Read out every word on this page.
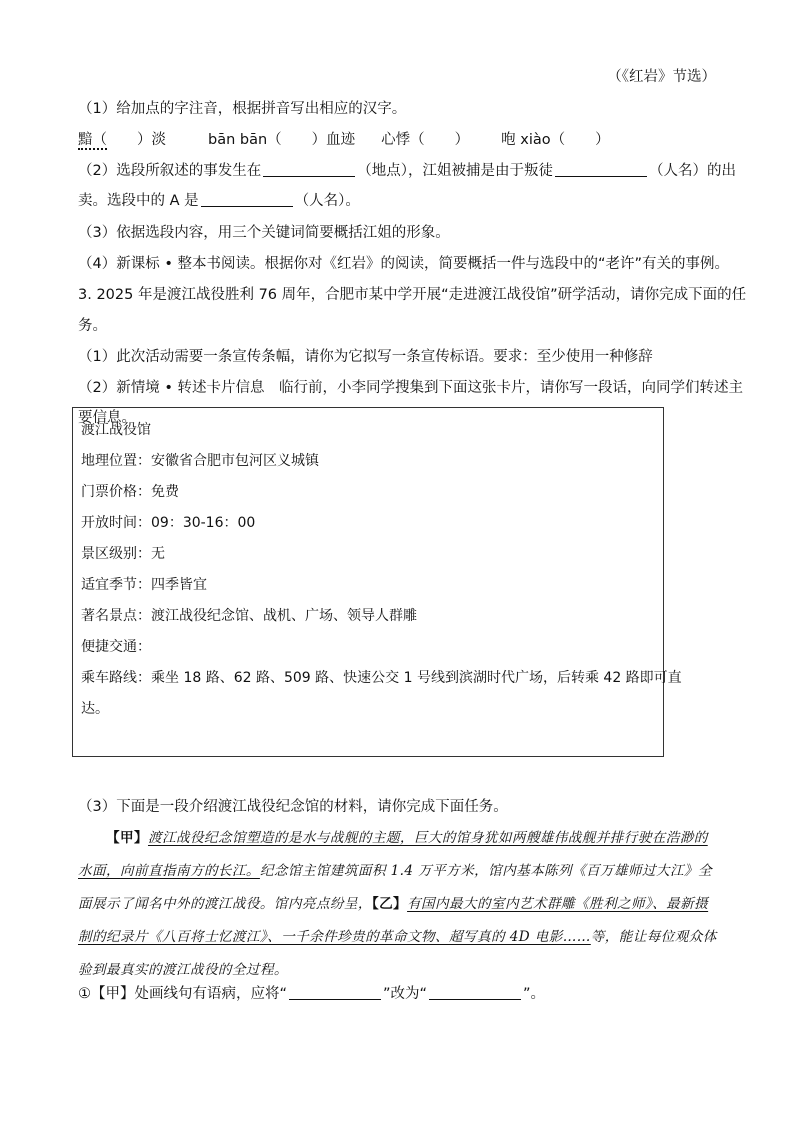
（《红岩》节选）
（1）给加点的字注音，根据拼音写出相应的汉字。
黯（ ）淡	bān bān（ ）血迹 心悸（ ） 咆 xiào（ ）
（2）选段所叙述的事发生在	（地点），江姐被捕是由于叛徒	（人名）的出
卖。选段中的 A 是	（人名）。
（3）依据选段内容，用三个关键词简要概括江姐的形象。
（4）新课标 • 整本书阅读。根据你对《红岩》的阅读，简要概括一件与选段中的“老许”有关的事例。
3. 2025 年是渡江战役胜利 76 周年，合肥市某中学开展“走进渡江战役馆”研学活动，请你完成下面的任
务。
（1）此次活动需要一条宣传条幅，请你为它拟写一条宣传标语。要求：至少使用一种修辞
（2）新情境 • 转述卡片信息　临行前，小李同学搜集到下面这张卡片，请你写一段话，向同学们转述主
要信息。
渡江战役馆
地理位置：安徽省合肥市包河区义城镇
门票价格：免费
开放时间：09：30-16：00
景区级别：无
适宜季节：四季皆宜
著名景点：渡江战役纪念馆、战机、广场、领导人群雕
便捷交通：
乘车路线：乘坐 18 路、62 路、509 路、快速公交 1 号线到滨湖时代广场，后转乘 42 路即可直
达。
（3）下面是一段介绍渡江战役纪念馆的材料，请你完成下面任务。
【甲】渡江战役纪念馆塑造的是水与战舰的主题，巨大的馆身犹如两艘雄伟战舰并排行驶在浩渺的水面，向前直指南方的长江。纪念馆主馆建筑面积 1.4 万平方米，馆内基本陈列《百万雄师过大江》全面展示了闻名中外的渡江战役。馆内亮点纷呈，【乙】有国内最大的室内艺术群雕《胜利之师》、最新摄制的纪录片《八百将士忆渡江》、一千余件珍贵的革命文物、超写真的 4D 电影……等，能让每位观众体验到最真实的渡江战役的全过程。
①【甲】处画线句有语病，应将“	”改为“	”。
